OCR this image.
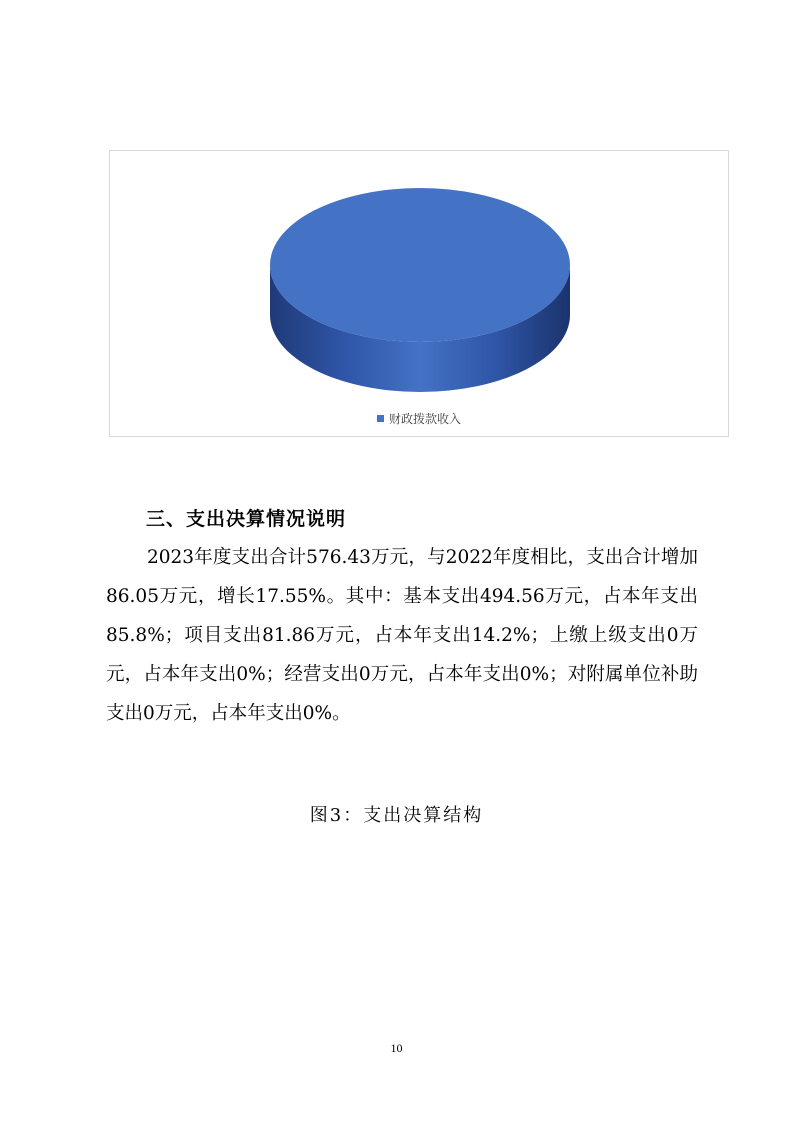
财政拨款收入
三、支出决算情况说明

2023年度支出合计576.43万元，与2022年度相比，支出合计增加86.05万元，增长17.55%。其中：基本支出494.56万元，占本年支出85.8%；项目支出81.86万元，占本年支出14.2%；上缴上级支出0万元，占本年支出0%；经营支出0万元，占本年支出0%；对附属单位补助支出0万元，占本年支出0%。

图3：支出决算结构
10
